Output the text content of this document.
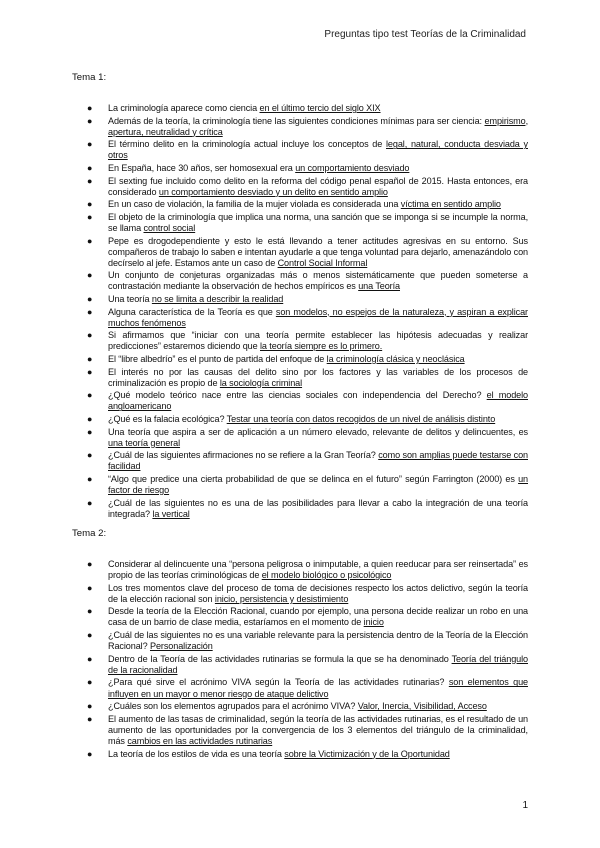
Preguntas tipo test Teorías de la Criminalidad
Tema 1:
● La criminología aparece como ciencia en el último tercio del siglo XIX
● Además de la teoría, la criminología tiene las siguientes condiciones mínimas para ser ciencia: empirismo, apertura, neutralidad y crítica
● El término delito en la criminología actual incluye los conceptos de legal, natural, conducta desviada y otros
● En España, hace 30 años, ser homosexual era un comportamiento desviado
● El sexting fue incluido como delito en la reforma del código penal español de 2015. Hasta entonces, era considerado un comportamiento desviado y un delito en sentido amplio
● En un caso de violación, la familia de la mujer violada es considerada una víctima en sentido amplio
● El objeto de la criminología que implica una norma, una sanción que se imponga si se incumple la norma, se llama control social
● Pepe es drogodependiente y esto le está llevando a tener actitudes agresivas en su entorno. Sus compañeros de trabajo lo saben e intentan ayudarle a que tenga voluntad para dejarlo, amenazándolo con decírselo al jefe. Estamos ante un caso de Control Social Informal
● Un conjunto de conjeturas organizadas más o menos sistemáticamente que pueden someterse a contrastación mediante la observación de hechos empíricos es una Teoría
● Una teoría no se limita a describir la realidad
● Alguna característica de la Teoría es que son modelos, no espejos de la naturaleza, y aspiran a explicar muchos fenómenos
● Si afirmamos que “iniciar con una teoría permite establecer las hipótesis adecuadas y realizar predicciones” estaremos diciendo que la teoría siempre es lo primero.
● El “libre albedrío” es el punto de partida del enfoque de la criminología clásica y neoclásica
● El interés no por las causas del delito sino por los factores y las variables de los procesos de criminalización es propio de la sociología criminal
● ¿Qué modelo teórico nace entre las ciencias sociales con independencia del Derecho? el modelo angloamericano
● ¿Qué es la falacia ecológica? Testar una teoría con datos recogidos de un nivel de análisis distinto
● Una teoría que aspira a ser de aplicación a un número elevado, relevante de delitos y delincuentes, es una teoría general
● ¿Cuál de las siguientes afirmaciones no se refiere a la Gran Teoría? como son amplias puede testarse con facilidad
● “Algo que predice una cierta probabilidad de que se delinca en el futuro” según Farrington (2000) es un factor de riesgo
● ¿Cuál de las siguientes no es una de las posibilidades para llevar a cabo la integración de una teoría integrada? la vertical
Tema 2:
● Considerar al delincuente una “persona peligrosa o inimputable, a quien reeducar para ser reinsertada” es propio de las teorías criminológicas de el modelo biológico o psicológico
● Los tres momentos clave del proceso de toma de decisiones respecto los actos delictivo, según la teoría de la elección racional son inicio, persistencia y desistimiento
● Desde la teoría de la Elección Racional, cuando por ejemplo, una persona decide realizar un robo en una casa de un barrio de clase media, estaríamos en el momento de inicio
● ¿Cuál de las siguientes no es una variable relevante para la persistencia dentro de la Teoría de la Elección Racional? Personalización
● Dentro de la Teoría de las actividades rutinarias se formula la que se ha denominado Teoría del triángulo de la racionalidad
● ¿Para qué sirve el acrónimo VIVA según la Teoría de las actividades rutinarias? son elementos que influyen en un mayor o menor riesgo de ataque delictivo
● ¿Cuáles son los elementos agrupados para el acrónimo VIVA? Valor, Inercia, Visibilidad, Acceso
● El aumento de las tasas de criminalidad, según la teoría de las actividades rutinarias, es el resultado de un aumento de las oportunidades por la convergencia de los 3 elementos del triángulo de la criminalidad, más cambios en las actividades rutinarias
● La teoría de los estilos de vida es una teoría sobre la Victimización y de la Oportunidad
1
